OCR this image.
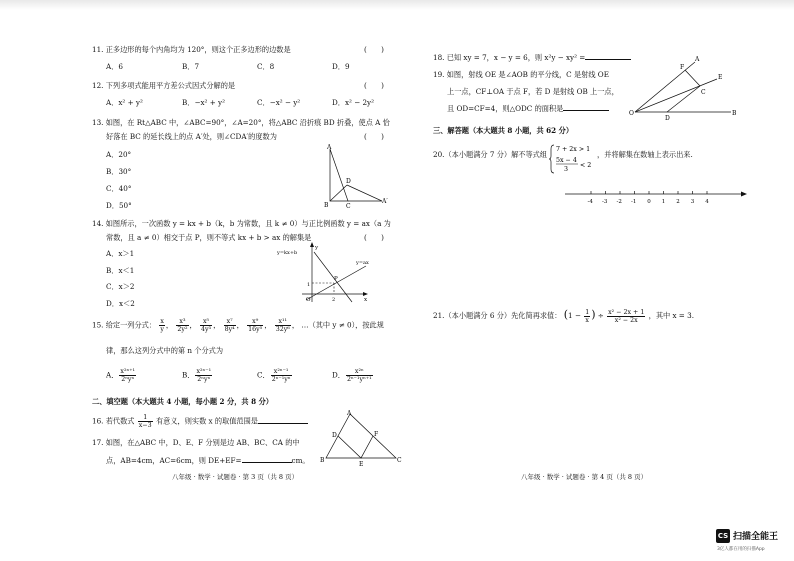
11. 正多边形的每个内角均为 120°，则这个正多边形的边数是	(　　)
A．6	B．7	C．8	D．9
12. 下列多项式能用平方差公式因式分解的是	(　　)
A．x² + y²	B．−x² + y²	C．−x² − y²	D．x² − 2y²
13. 如图，在 Rt△ABC 中，∠ABC=90°，∠A=20°，将△ABC 沿折痕 BD 折叠，使点 A 恰
好落在 BC 的延长线上的点 A′处，则∠CDA′的度数为	(　　)
A．20°
B．30°
C．40°
D．50°
A
B	C
D
A′
14. 如图所示，一次函数 y = kx + b（k，b 为常数，且 k ≠ 0）与正比例函数 y = ax（a 为
常数，且 a ≠ 0）相交于点 P，则不等式 kx + b > ax 的解集是	(　　)
A．x＞1
B．x＜1
C．x＞2
D．x＜2
y
x
O
P
y=kx+b
y=ax
1
2
15. 给定一列分式： $\frac{x}{y}$ ， $\frac{\text{x³}}{\text{2y²}}$ ， $\frac{\text{x⁵}}{\text{4y³}}$ ， $\frac{\text{x⁷}}{\text{8y⁴}}$ ， $\frac{\text{x⁹}}{\text{16y⁵}}$ ， $\frac{\text{x¹¹}}{\text{32y⁶}}$ ， …（其中 y ≠ 0），按此规
律，那么这列分式中的第 n 个分式为
A． $\frac{\text{x²ⁿ⁺¹}}{\text{2ⁿyⁿ}}$	B． $\frac{\text{x²ⁿ⁻¹}}{\text{2ⁿyⁿ}}$	C． $\frac{\text{x²ⁿ⁻¹}}{\text{2ⁿ⁻¹yⁿ}}$	D． $\frac{\text{x²ⁿ}}{\text{2ⁿ⁻¹yⁿ⁺¹}}$
二、填空题（本大题共 4 小题，每小题 2 分，共 8 分）
16. 若代数式 $\frac{1}{x-3}$ 有意义，则实数 x 的取值范围是
17. 如图，在△ABC 中，D、E、F 分别是边 AB、BC、CA 的中
点，AB=4cm，AC=6cm，则 DE+EF=	cm。
A
B	C
D
E
F
八年级 · 数学 · 试题卷 · 第 3 页（共 8 页）
18. 已知 xy = 7，x − y = 6，则 x²y − xy² =
19. 如图，射线 OE 是∠AOB 的平分线，C 是射线 OE
上一点，CF⊥OA 于点 F，若 D 是射线 OB 上一点，
且 OD=CF=4，则△ODC 的面积是
O
A
B
C
D
E
F
三、解答题（本大题共 8 小题，共 62 分）
20.（本小题满分 7 分）解不等式组
7 + 2x > 1
5x − 4
3
< 2
，并将解集在数轴上表示出来.
-4 -3 -2 -1 0 1 2 3 4
21.（本小题满分 6 分）先化简再求值： ($1 - \frac{1}{x}$ ) ÷ $\frac{\text{x² − 2x + 1}}{\text{x² − 2x}}$ ，其中 x = 3.
八年级 · 数学 · 试题卷 · 第 4 页（共 8 页）
CS 扫描全能王
3亿人都在用的扫描App
